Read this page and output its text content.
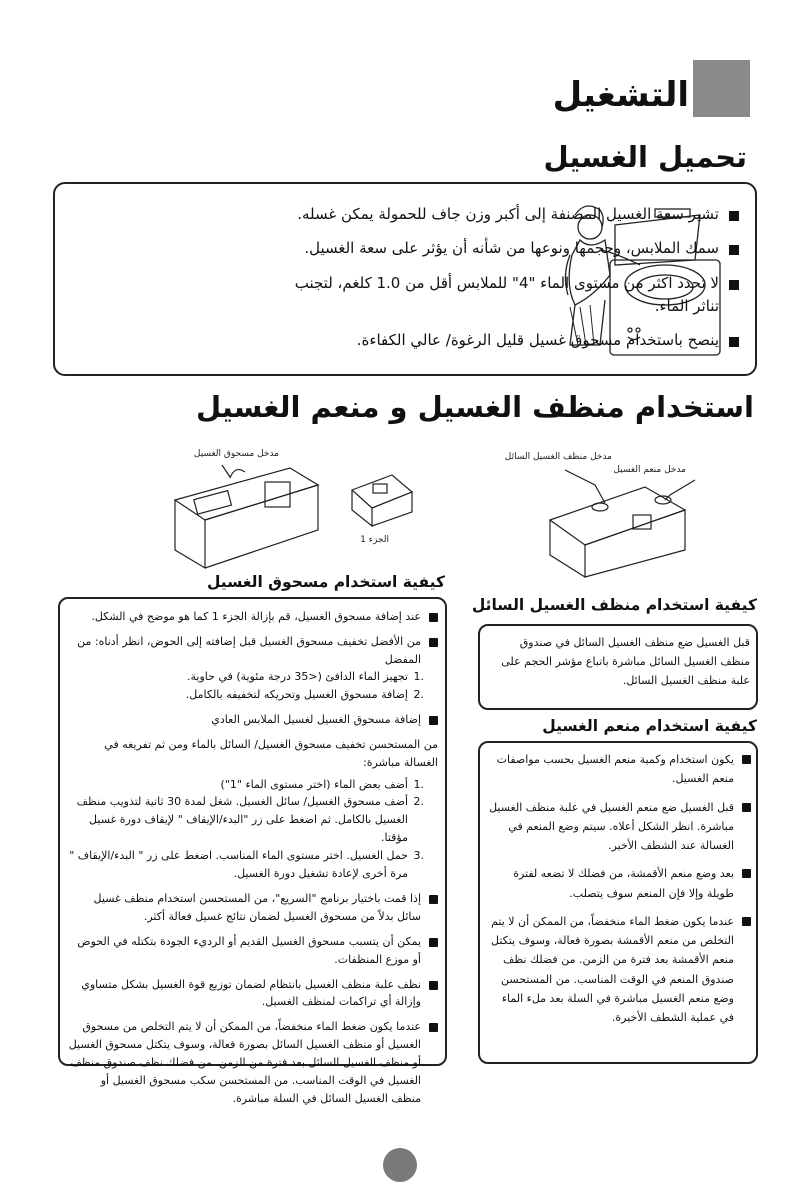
التشغيل
تحميل الغسيل
تشير سعة الغسيل المصنفة إلى أكبر وزن جاف للحمولة يمكن غسله.
سمك الملابس، وحجمها ونوعها من شأنه أن يؤثر على سعة الغسيل.
لا تحدد اكثر من مستوى الماء "4" للملابس أقل من 1.0 كلغم، لتجنب تناثر الماء.
ينصح باستخدام مسحوق غسيل قليل الرغوة/ عالي الكفاءة.
استخدام منظف الغسيل و منعم الغسيل
مدخل مسحوق الغسيل
الجزء 1
مدخل منظف الغسيل السائل
مدخل منعم الغسيل
كيفية استخدام مسحوق الغسيل
عند إضافة مسحوق الغسيل، قم بإزالة الجزء 1 كما هو موضح في الشكل.
من الأفضل تخفيف مسحوق الغسيل قبل إضافته إلى الحوض، انظر أدناه: من المفضل
.1
تجهيز الماء الدافئ (<35 درجة مئوية) في حاوية.
.2
إضافة مسحوق الغسيل وتحريكه لتخفيفه بالكامل.
إضافة مسحوق الغسيل لغسيل الملابس العادي
من المستحسن تخفيف مسحوق الغسيل/ السائل بالماء ومن ثم تفريغه في الغسالة مباشرة:
.1
أضف بعض الماء (اختر مستوى الماء "1")
.2
أضف مسحوق الغسيل/ سائل الغسيل. شغل لمدة 30 ثانية لتذويب منظف الغسيل بالكامل. ثم اضغط على زر "البدء/الإيقاف " لإيقاف دورة غسيل مؤقتا.
.3
حمل الغسيل. اختر مستوى الماء المناسب. اضغط على زر " البدء/الإيقاف " مرة أخرى لإعادة تشغيل دورة الغسيل.
إذا قمت باختيار برنامج "السريع"، من المستحسن استخدام منظف غسيل سائل بدلاً من مسحوق الغسيل لضمان نتائج غسيل فعالة أكثر.
يمكن أن يتسبب مسحوق الغسيل القديم أو الرديء الجودة بتكتله في الحوض أو موزع المنظفات.
نظف علبة منظف الغسيل بانتظام لضمان توزيع قوة الغسيل بشكل متساوي وإزالة أي تراكمات لمنظف الغسيل.
عندما يكون ضغط الماء منخفضاً، من الممكن أن لا يتم التخلص من مسحوق الغسيل أو منظف الغسيل السائل بصورة فعالة، وسوف يتكتل مسحوق الغسيل أو منظف الغسيل السائل بعد فترة من الزمن. من فضلك نظف صندوق منظف الغسيل في الوقت المناسب. من المستحسن سكب مسحوق الغسيل أو منظف الغسيل السائل في السلة مباشرة.
كيفية استخدام منظف الغسيل السائل
قبل الغسيل ضع منظف الغسيل السائل في صندوق منظف الغسيل السائل مباشرة باتباع مؤشر الحجم على علبة منظف الغسيل السائل.
كيفية استخدام منعم الغسيل
يكون استخدام وكمية منعم الغسيل بحسب مواصفات منعم الغسيل.
قبل الغسيل ضع منعم الغسيل في علبة منظف الغسيل مباشرة. انظر الشكل أعلاه. سيتم وضع المنعم في الغسالة عند الشطف الأخير.
بعد وضع منعم الأقمشة، من فضلك لا تضعه لفترة طويلة وإلا فإن المنعم سوف يتصلب.
عندما يكون ضغط الماء منخفضاً، من الممكن أن لا يتم التخلص من منعم الأقمشة بصورة فعالة، وسوف يتكتل منعم الأقمشة بعد فترة من الزمن. من فضلك نظف صندوق المنعم في الوقت المناسب. من المستحسن وضع منعم الغسيل مباشرة في السلة بعد ملء الماء في عملية الشطف الأخيرة.
